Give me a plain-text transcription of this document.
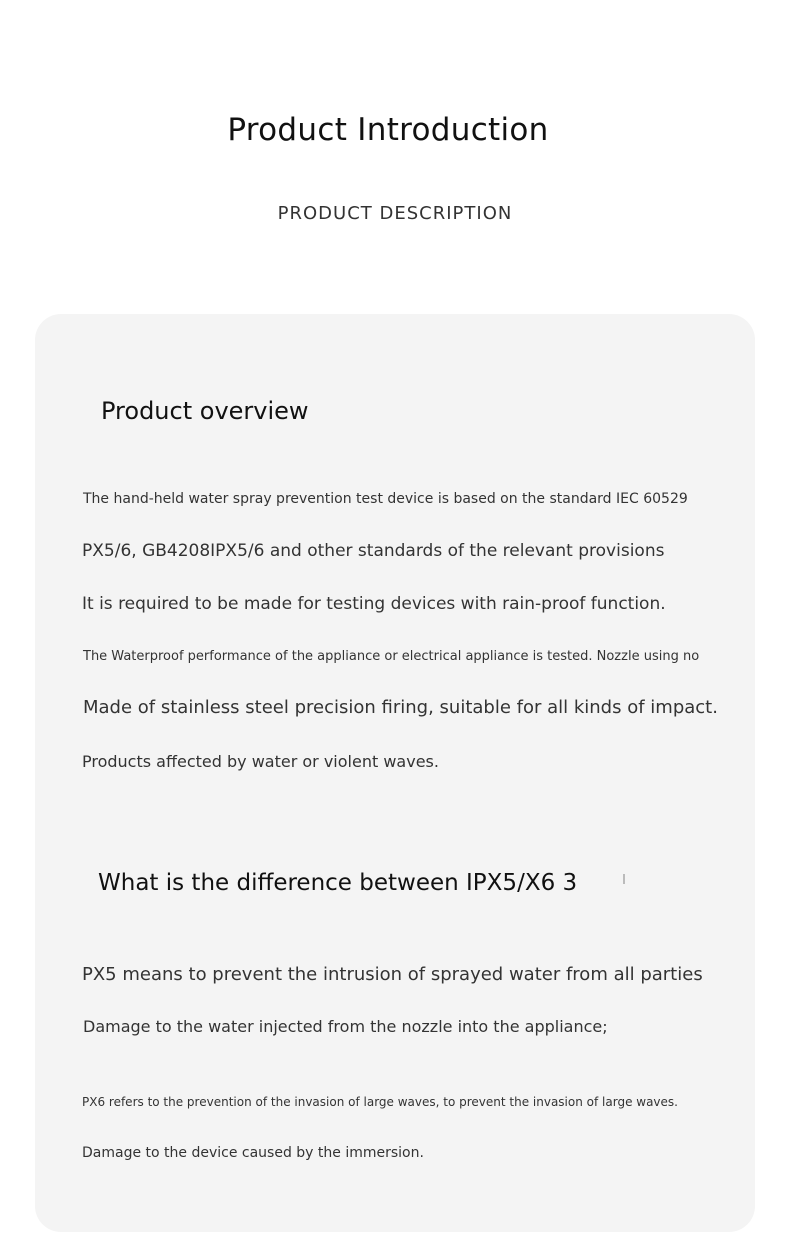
Product Introduction

PRODUCT DESCRIPTION

Product overview

The hand-held water spray prevention test device is based on the standard IEC 60529

PX5/6, GB4208IPX5/6 and other standards of the relevant provisions

It is required to be made for testing devices with rain-proof function.

The Waterproof performance of the appliance or electrical appliance is tested. Nozzle using no

Made of stainless steel precision firing, suitable for all kinds of impact.

Products affected by water or violent waves.

What is the difference between IPX5/X6 3

PX5 means to prevent the intrusion of sprayed water from all parties

Damage to the water injected from the nozzle into the appliance;

PX6 refers to the prevention of the invasion of large waves, to prevent the invasion of large waves.

Damage to the device caused by the immersion.
